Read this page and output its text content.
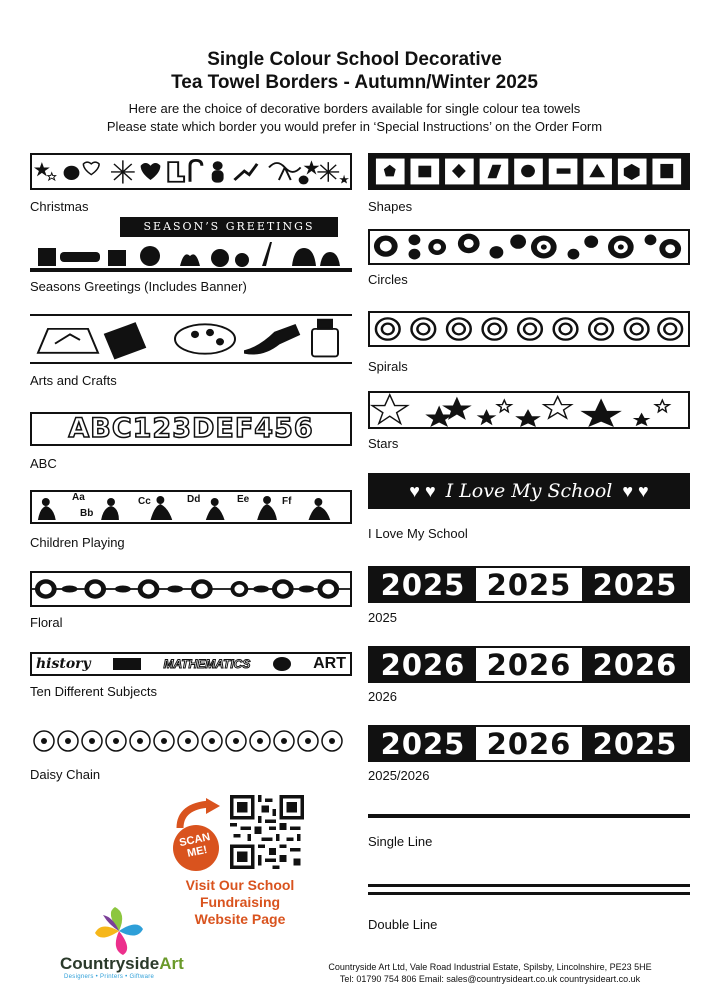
Single Colour School Decorative
Tea Towel Borders - Autumn/Winter 2025
Here are the choice of decorative borders available for single colour tea towels
Please state which border you would prefer in ‘Special Instructions’ on the Order Form
Christmas
SEASON’S GREETINGS
Seasons Greetings (Includes Banner)
Arts and Crafts
ABC123DEF456
ABC
Aa
Bb
Cc	Dd	Ee	Ff
Children Playing
Floral
history	MATHEMATICS	ART
Ten Different Subjects
Daisy Chain
Shapes
Circles
Spirals
Stars
♥ ♥ I Love My School ♥ ♥
I Love My School
2025 2025 2025
2025
2026 2026 2026
2026
2025 2026 2025
2025/2026
Single Line
Double Line
SCAN ME!
Visit Our School
Fundraising
Website Page
CountrysideArt
Designers • Printers • Giftware
Countryside Art Ltd, Vale Road Industrial Estate, Spilsby, Lincolnshire, PE23 5HE
Tel: 01790 754 806 Email: sales@countrysideart.co.uk countrysideart.co.uk
